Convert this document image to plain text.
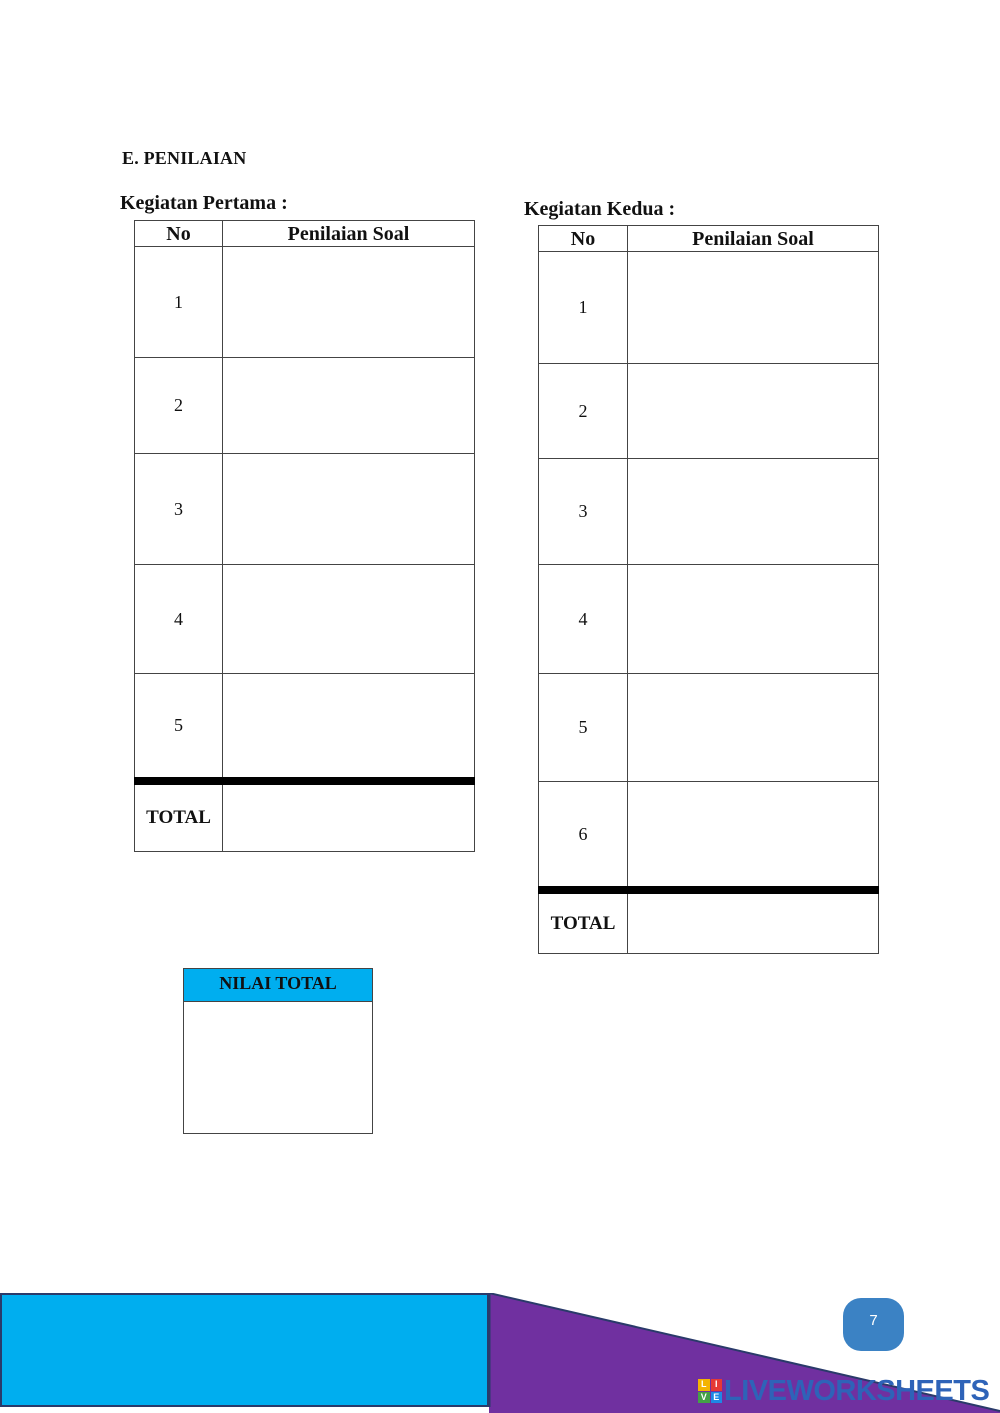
E. PENILAIAN
Kegiatan Pertama :
No	Penilaian Soal
1	
2	
3	
4	
5	

TOTAL	
Kegiatan Kedua :
No	Penilaian Soal
1	
2	
3	
4	
5	
6	

TOTAL	
NILAI TOTAL
7
L I
V E LIVEWORKSHEETS
